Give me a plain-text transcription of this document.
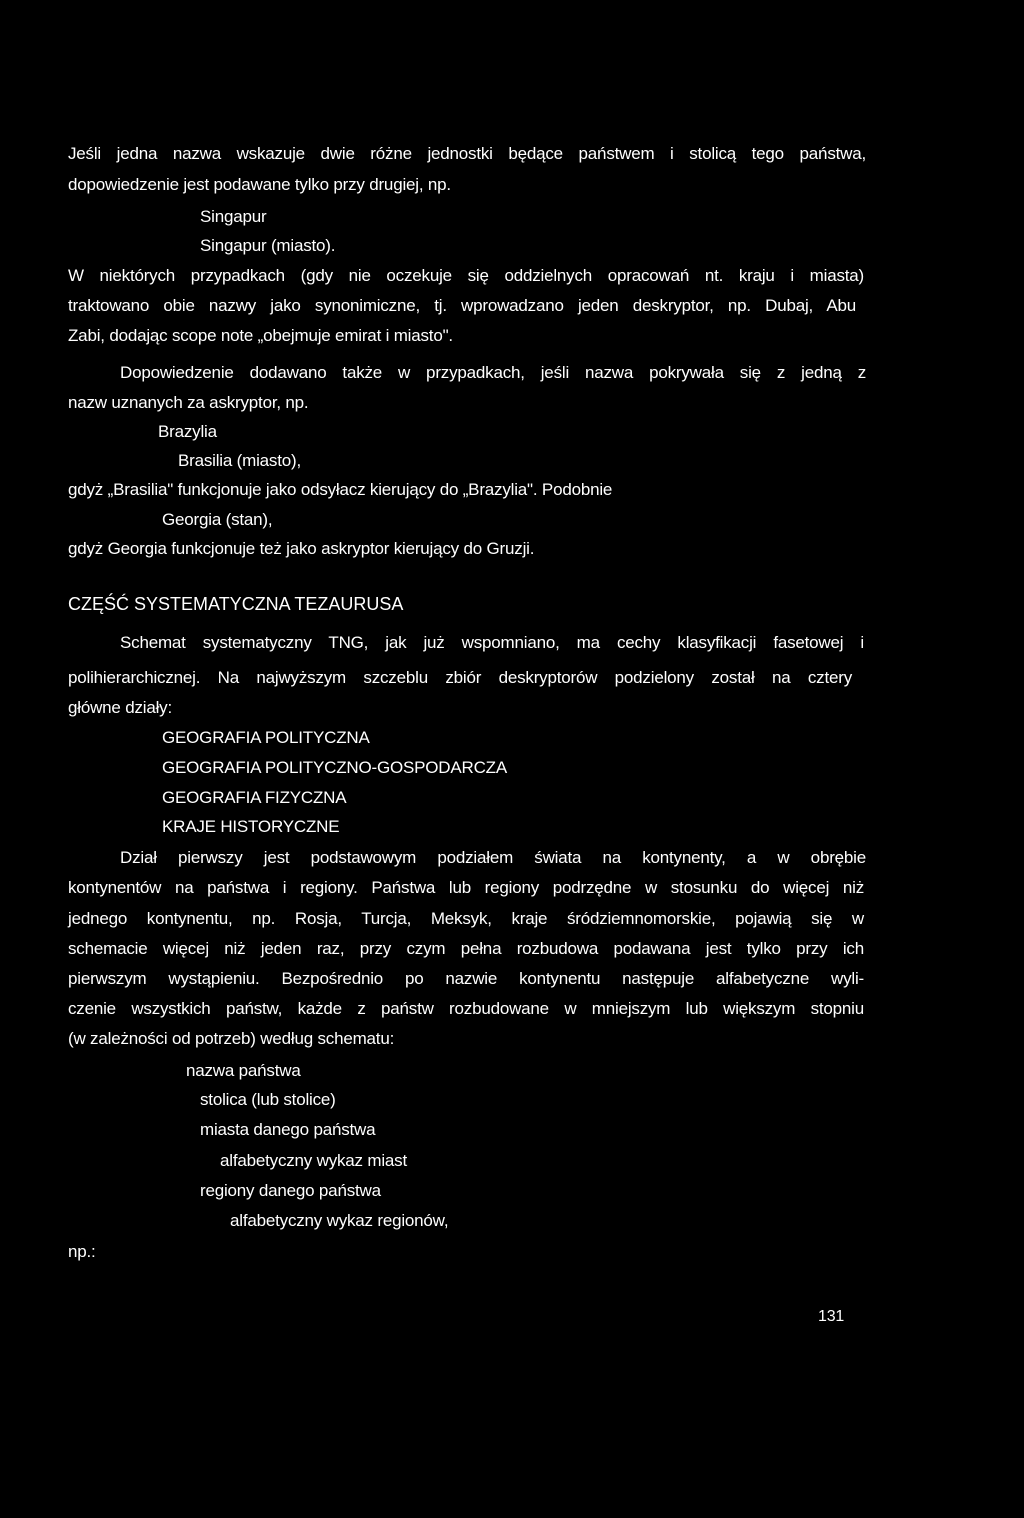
Jeśli jedna nazwa wskazuje dwie różne jednostki będące państwem i stolicą tego państwa,
dopowiedzenie jest podawane tylko przy drugiej, np.
Singapur
Singapur (miasto).
W niektórych przypadkach (gdy nie oczekuje się oddzielnych opracowań nt. kraju i miasta)
traktowano obie nazwy jako synonimiczne, tj. wprowadzano jeden deskryptor, np. Dubaj, Abu
Zabi, dodając scope note „obejmuje emirat i miasto".
Dopowiedzenie dodawano także w przypadkach, jeśli nazwa pokrywała się z jedną z
nazw uznanych za askryptor, np.
Brazylia
Brasilia (miasto),
gdyż „Brasilia" funkcjonuje jako odsyłacz kierujący do „Brazylia". Podobnie
Georgia (stan),
gdyż Georgia funkcjonuje też jako askryptor kierujący do Gruzji.
CZĘŚĆ SYSTEMATYCZNA TEZAURUSA
Schemat systematyczny TNG, jak już wspomniano, ma cechy klasyfikacji fasetowej i
polihierarchicznej. Na najwyższym szczeblu zbiór deskryptorów podzielony został na cztery
główne działy:
GEOGRAFIA POLITYCZNA
GEOGRAFIA POLITYCZNO-GOSPODARCZA
GEOGRAFIA FIZYCZNA
KRAJE HISTORYCZNE
Dział pierwszy jest podstawowym podziałem świata na kontynenty, a w obrębie
kontynentów na państwa i regiony. Państwa lub regiony podrzędne w stosunku do więcej niż
jednego kontynentu, np. Rosja, Turcja, Meksyk, kraje śródziemnomorskie, pojawią się w
schemacie więcej niż jeden raz, przy czym pełna rozbudowa podawana jest tylko przy ich
pierwszym wystąpieniu. Bezpośrednio po nazwie kontynentu następuje alfabetyczne wyli-
czenie wszystkich państw, każde z państw rozbudowane w mniejszym lub większym stopniu
(w zależności od potrzeb) według schematu:
nazwa państwa
stolica (lub stolice)
miasta danego państwa
alfabetyczny wykaz miast
regiony danego państwa
alfabetyczny wykaz regionów,
np.:
131
